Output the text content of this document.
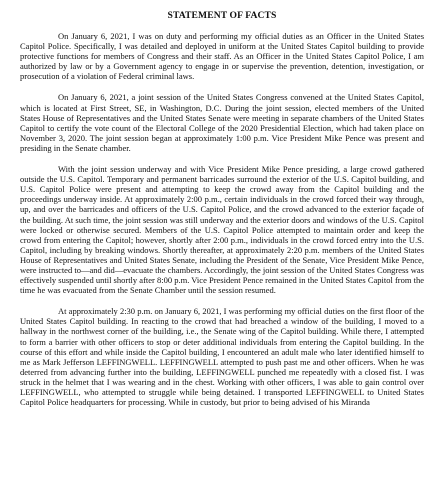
STATEMENT OF FACTS

On January 6, 2021, I was on duty and performing my official duties as an Officer in the United States Capitol Police. Specifically, I was detailed and deployed in uniform at the United States Capitol building to provide protective functions for members of Congress and their staff. As an Officer in the United States Capitol Police, I am authorized by law or by a Government agency to engage in or supervise the prevention, detention, investigation, or prosecution of a violation of Federal criminal laws.

On January 6, 2021, a joint session of the United States Congress convened at the United States Capitol, which is located at First Street, SE, in Washington, D.C. During the joint session, elected members of the United States House of Representatives and the United States Senate were meeting in separate chambers of the United States Capitol to certify the vote count of the Electoral College of the 2020 Presidential Election, which had taken place on November 3, 2020. The joint session began at approximately 1:00 p.m. Vice President Mike Pence was present and presiding in the Senate chamber.

With the joint session underway and with Vice President Mike Pence presiding, a large crowd gathered outside the U.S. Capitol. Temporary and permanent barricades surround the exterior of the U.S. Capitol building, and U.S. Capitol Police were present and attempting to keep the crowd away from the Capitol building and the proceedings underway inside. At approximately 2:00 p.m., certain individuals in the crowd forced their way through, up, and over the barricades and officers of the U.S. Capitol Police, and the crowd advanced to the exterior façade of the building. At such time, the joint session was still underway and the exterior doors and windows of the U.S. Capitol were locked or otherwise secured. Members of the U.S. Capitol Police attempted to maintain order and keep the crowd from entering the Capitol; however, shortly after 2:00 p.m., individuals in the crowd forced entry into the U.S. Capitol, including by breaking windows. Shortly thereafter, at approximately 2:20 p.m. members of the United States House of Representatives and United States Senate, including the President of the Senate, Vice President Mike Pence, were instructed to—and did—evacuate the chambers. Accordingly, the joint session of the United States Congress was effectively suspended until shortly after 8:00 p.m. Vice President Pence remained in the United States Capitol from the time he was evacuated from the Senate Chamber until the session resumed.

At approximately 2:30 p.m. on January 6, 2021, I was performing my official duties on the first floor of the United States Capitol building. In reacting to the crowd that had breached a window of the building, I moved to a hallway in the northwest corner of the building, i.e., the Senate wing of the Capitol building. While there, I attempted to form a barrier with other officers to stop or deter additional individuals from entering the Capitol building. In the course of this effort and while inside the Capitol building, I encountered an adult male who later identified himself to me as Mark Jefferson LEFFINGWELL. LEFFINGWELL attempted to push past me and other officers. When he was deterred from advancing further into the building, LEFFINGWELL punched me repeatedly with a closed fist. I was struck in the helmet that I was wearing and in the chest. Working with other officers, I was able to gain control over LEFFINGWELL, who attempted to struggle while being detained. I transported LEFFINGWELL to United States Capitol Police headquarters for processing. While in custody, but prior to being advised of his Miranda
